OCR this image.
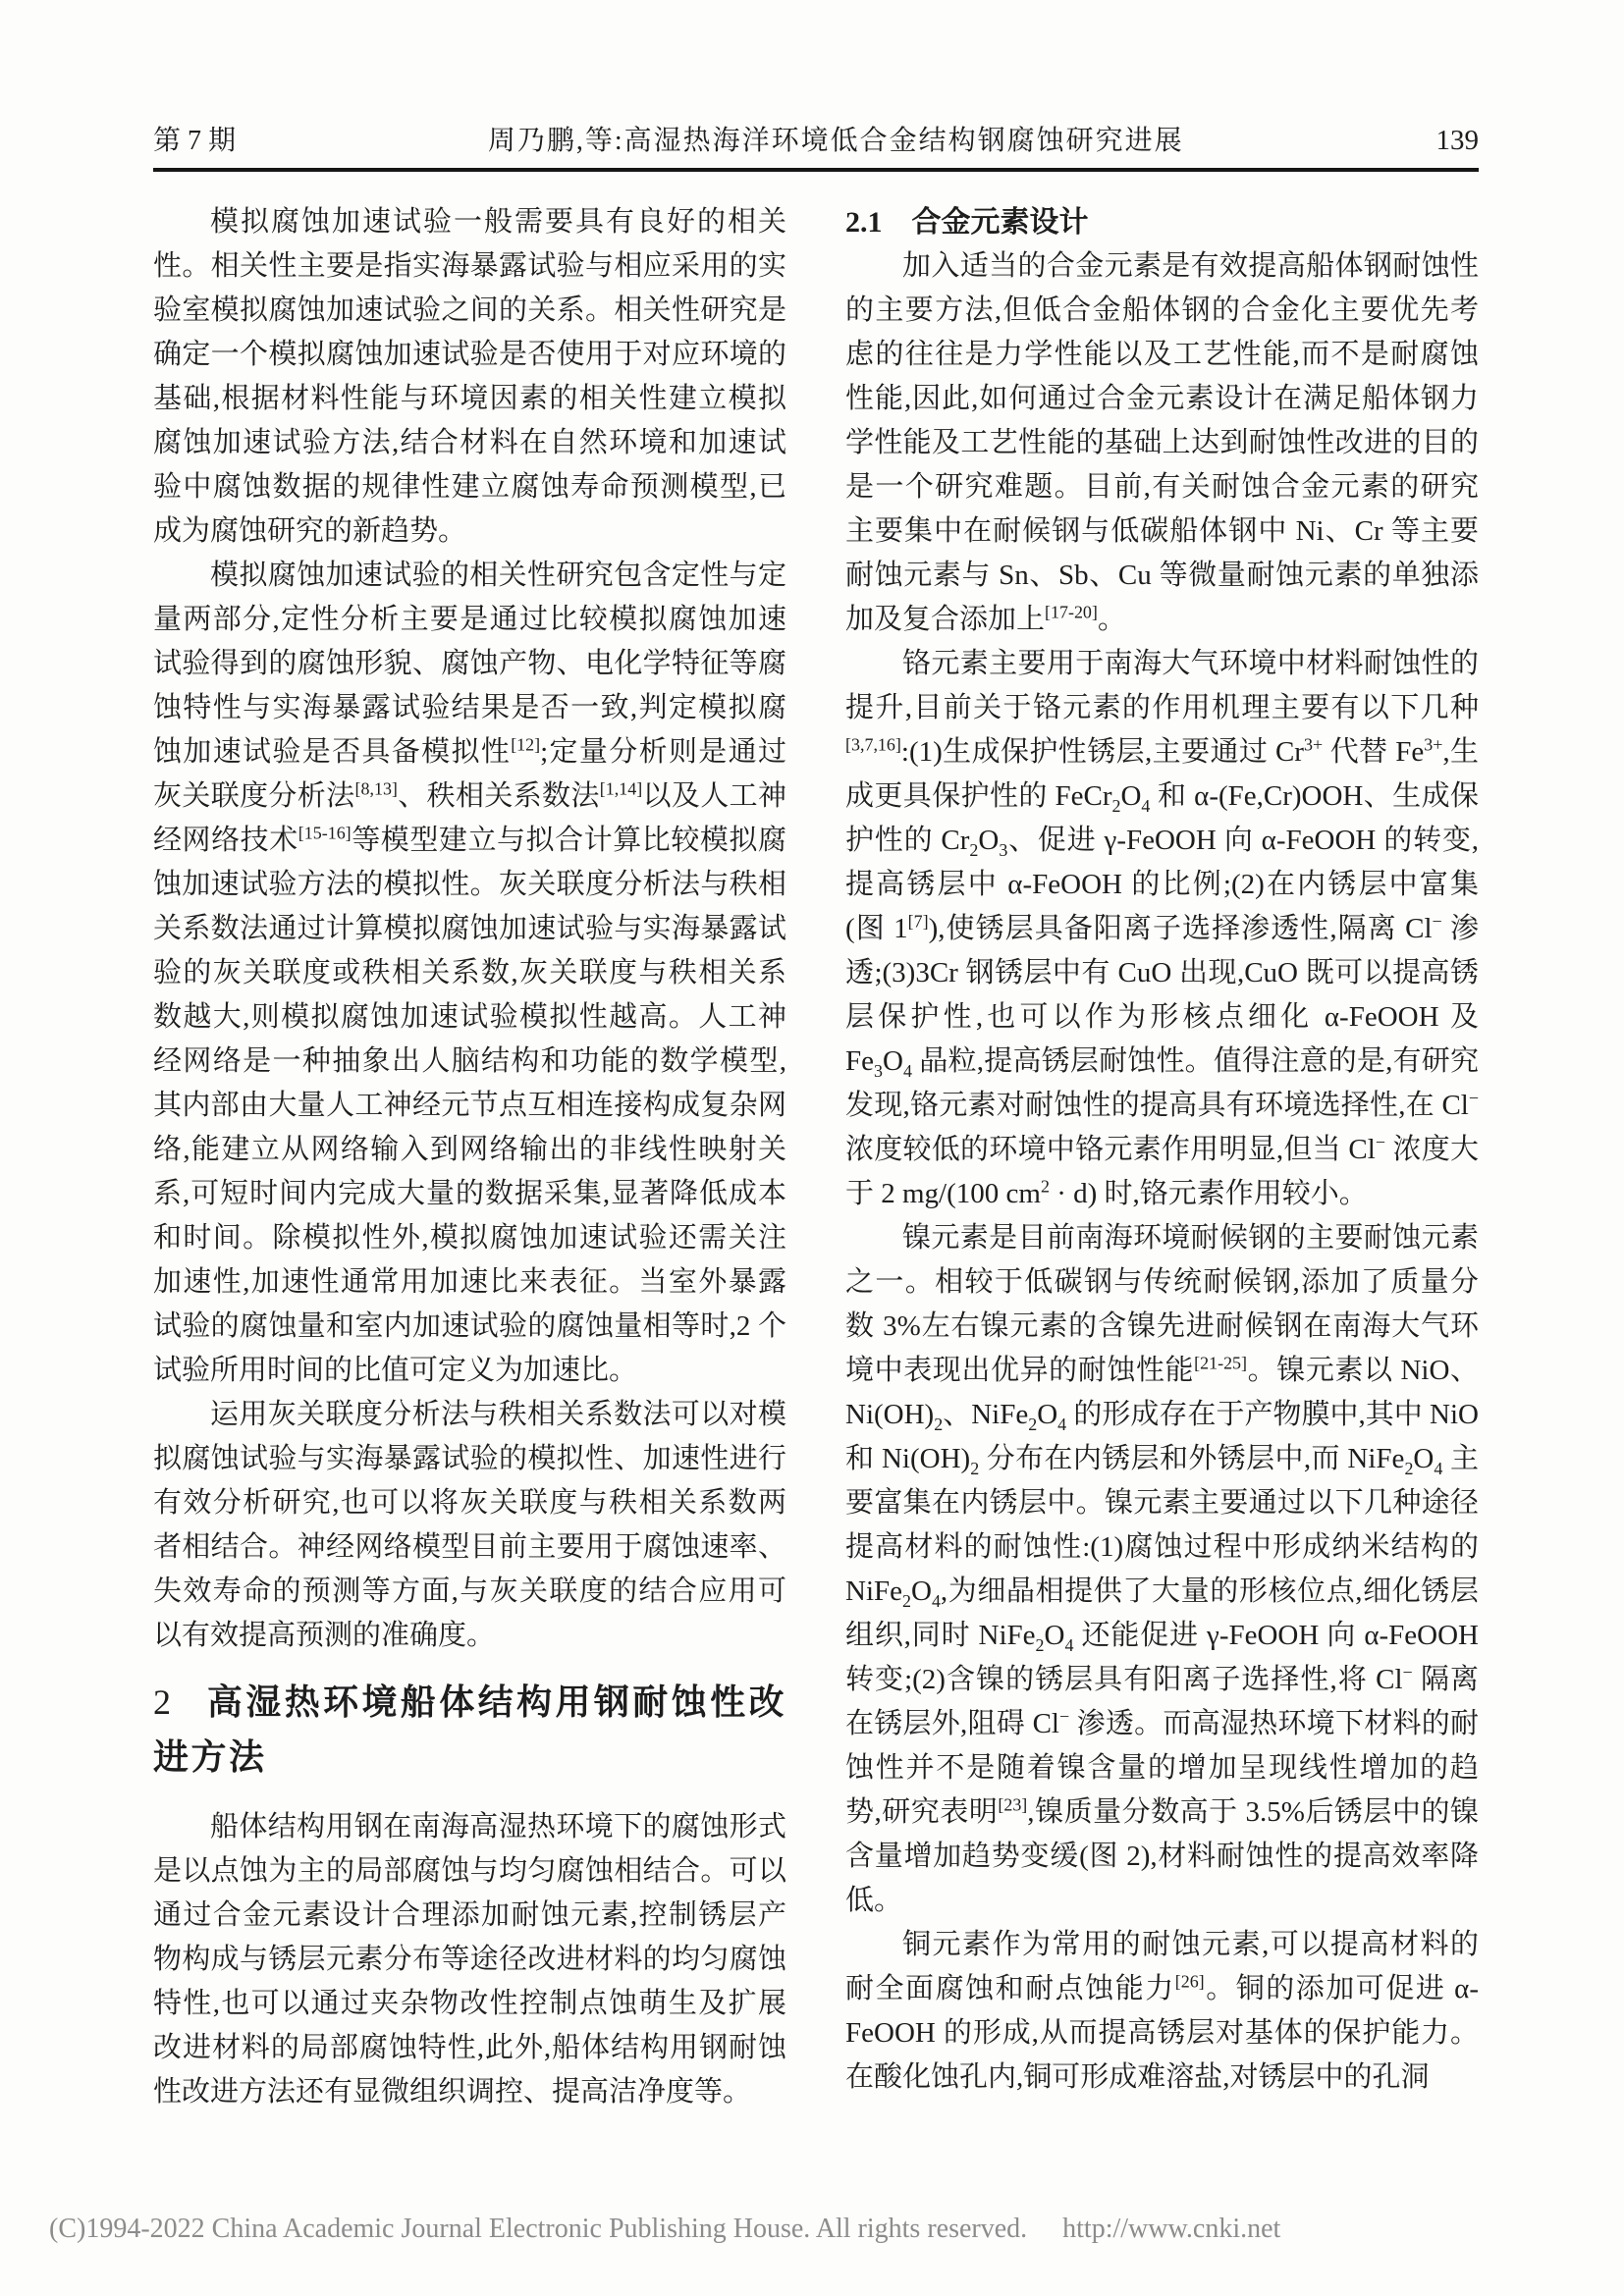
第 7 期	周乃鹏,等:高湿热海洋环境低合金结构钢腐蚀研究进展	139

模拟腐蚀加速试验一般需要具有良好的相关性。相关性主要是指实海暴露试验与相应采用的实验室模拟腐蚀加速试验之间的关系。相关性研究是确定一个模拟腐蚀加速试验是否使用于对应环境的基础,根据材料性能与环境因素的相关性建立模拟腐蚀加速试验方法,结合材料在自然环境和加速试验中腐蚀数据的规律性建立腐蚀寿命预测模型,已成为腐蚀研究的新趋势。

模拟腐蚀加速试验的相关性研究包含定性与定量两部分,定性分析主要是通过比较模拟腐蚀加速试验得到的腐蚀形貌、腐蚀产物、电化学特征等腐蚀特性与实海暴露试验结果是否一致,判定模拟腐蚀加速试验是否具备模拟性[12];定量分析则是通过灰关联度分析法[8,13]、秩相关系数法[1,14]以及人工神经网络技术[15-16]等模型建立与拟合计算比较模拟腐蚀加速试验方法的模拟性。灰关联度分析法与秩相关系数法通过计算模拟腐蚀加速试验与实海暴露试验的灰关联度或秩相关系数,灰关联度与秩相关系数越大,则模拟腐蚀加速试验模拟性越高。人工神经网络是一种抽象出人脑结构和功能的数学模型,其内部由大量人工神经元节点互相连接构成复杂网络,能建立从网络输入到网络输出的非线性映射关系,可短时间内完成大量的数据采集,显著降低成本和时间。除模拟性外,模拟腐蚀加速试验还需关注加速性,加速性通常用加速比来表征。当室外暴露试验的腐蚀量和室内加速试验的腐蚀量相等时,2 个试验所用时间的比值可定义为加速比。

运用灰关联度分析法与秩相关系数法可以对模拟腐蚀试验与实海暴露试验的模拟性、加速性进行有效分析研究,也可以将灰关联度与秩相关系数两者相结合。神经网络模型目前主要用于腐蚀速率、失效寿命的预测等方面,与灰关联度的结合应用可以有效提高预测的准确度。

2 高湿热环境船体结构用钢耐蚀性改进方法

船体结构用钢在南海高湿热环境下的腐蚀形式是以点蚀为主的局部腐蚀与均匀腐蚀相结合。可以通过合金元素设计合理添加耐蚀元素,控制锈层产物构成与锈层元素分布等途径改进材料的均匀腐蚀特性,也可以通过夹杂物改性控制点蚀萌生及扩展改进材料的局部腐蚀特性,此外,船体结构用钢耐蚀性改进方法还有显微组织调控、提高洁净度等。

2.1 合金元素设计

加入适当的合金元素是有效提高船体钢耐蚀性的主要方法,但低合金船体钢的合金化主要优先考虑的往往是力学性能以及工艺性能,而不是耐腐蚀性能,因此,如何通过合金元素设计在满足船体钢力学性能及工艺性能的基础上达到耐蚀性改进的目的是一个研究难题。目前,有关耐蚀合金元素的研究主要集中在耐候钢与低碳船体钢中 Ni、Cr 等主要耐蚀元素与 Sn、Sb、Cu 等微量耐蚀元素的单独添加及复合添加上[17-20]。

铬元素主要用于南海大气环境中材料耐蚀性的提升,目前关于铬元素的作用机理主要有以下几种[3,7,16]:(1)生成保护性锈层,主要通过 $Cr^{3+}$ 代替 $Fe^{3+}$,生成更具保护性的 $FeCr_2O_4$ 和 α-(Fe,Cr)OOH、生成保护性的 $Cr_2O_3$、促进 γ-FeOOH 向 α-FeOOH 的转变,提高锈层中 α-FeOOH 的比例;(2)在内锈层中富集(图 1[7]),使锈层具备阳离子选择渗透性,隔离 Cl− 渗透;(3)3Cr 钢锈层中有 CuO 出现,CuO 既可以提高锈层保护性,也可以作为形核点细化 α-FeOOH 及 $Fe_3O_4$ 晶粒,提高锈层耐蚀性。值得注意的是,有研究发现,铬元素对耐蚀性的提高具有环境选择性,在 Cl− 浓度较低的环境中铬元素作用明显,但当 Cl− 浓度大于 2 mg/(100 $cm^2 \cdot d$) 时,铬元素作用较小。

镍元素是目前南海环境耐候钢的主要耐蚀元素之一。相较于低碳钢与传统耐候钢,添加了质量分数 3%左右镍元素的含镍先进耐候钢在南海大气环境中表现出优异的耐蚀性能[21-25]。镍元素以 NiO、$Ni(OH)_2$、$NiFe_2O_4$ 的形成存在于产物膜中,其中 NiO 和 $Ni(OH)_2$ 分布在内锈层和外锈层中,而 $NiFe_2O_4$ 主要富集在内锈层中。镍元素主要通过以下几种途径提高材料的耐蚀性:(1)腐蚀过程中形成纳米结构的 $NiFe_2O_4$,为细晶相提供了大量的形核位点,细化锈层组织,同时 $NiFe_2O_4$ 还能促进 γ-FeOOH 向 α-FeOOH 转变;(2)含镍的锈层具有阳离子选择性,将 Cl− 隔离在锈层外,阻碍 Cl− 渗透。而高湿热环境下材料的耐蚀性并不是随着镍含量的增加呈现线性增加的趋势,研究表明[23],镍质量分数高于 3.5%后锈层中的镍含量增加趋势变缓(图 2),材料耐蚀性的提高效率降低。

铜元素作为常用的耐蚀元素,可以提高材料的耐全面腐蚀和耐点蚀能力[26]。铜的添加可促进 α-FeOOH 的形成,从而提高锈层对基体的保护能力。在酸化蚀孔内,铜可形成难溶盐,对锈层中的孔洞

(C)1994-2022 China Academic Journal Electronic Publishing House. All rights reserved. http://www.cnki.net
